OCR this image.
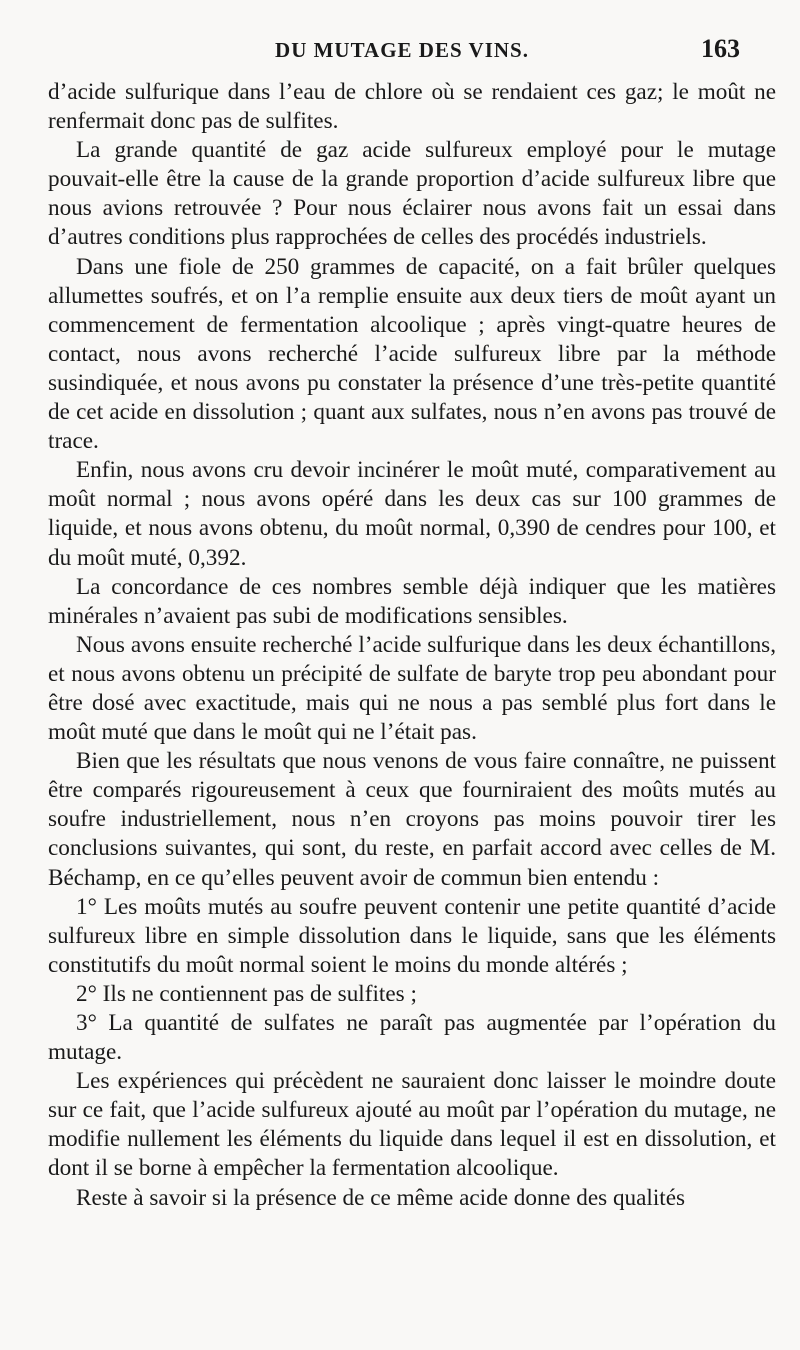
DU MUTAGE DES VINS.	163

d’acide sulfurique dans l’eau de chlore où se rendaient ces gaz; le moût ne renfermait donc pas de sulfites.

La grande quantité de gaz acide sulfureux employé pour le mutage pouvait-elle être la cause de la grande proportion d’acide sulfureux libre que nous avions retrouvée ? Pour nous éclairer nous avons fait un essai dans d’autres conditions plus rapprochées de celles des procédés industriels.

Dans une fiole de 250 grammes de capacité, on a fait brûler quelques allumettes soufrés, et on l’a remplie ensuite aux deux tiers de moût ayant un commencement de fermentation alcoolique ; après vingt-quatre heures de contact, nous avons recherché l’acide sulfureux libre par la méthode susindiquée, et nous avons pu constater la présence d’une très-petite quantité de cet acide en dissolution ; quant aux sulfates, nous n’en avons pas trouvé de trace.

Enfin, nous avons cru devoir incinérer le moût muté, comparativement au moût normal ; nous avons opéré dans les deux cas sur 100 grammes de liquide, et nous avons obtenu, du moût normal, 0,390 de cendres pour 100, et du moût muté, 0,392.

La concordance de ces nombres semble déjà indiquer que les matières minérales n’avaient pas subi de modifications sensibles.

Nous avons ensuite recherché l’acide sulfurique dans les deux échantillons, et nous avons obtenu un précipité de sulfate de baryte trop peu abondant pour être dosé avec exactitude, mais qui ne nous a pas semblé plus fort dans le moût muté que dans le moût qui ne l’était pas.

Bien que les résultats que nous venons de vous faire connaître, ne puissent être comparés rigoureusement à ceux que fourniraient des moûts mutés au soufre industriellement, nous n’en croyons pas moins pouvoir tirer les conclusions suivantes, qui sont, du reste, en parfait accord avec celles de M. Béchamp, en ce qu’elles peuvent avoir de commun bien entendu :

1° Les moûts mutés au soufre peuvent contenir une petite quantité d’acide sulfureux libre en simple dissolution dans le liquide, sans que les éléments constitutifs du moût normal soient le moins du monde altérés ;

2° Ils ne contiennent pas de sulfites ;

3° La quantité de sulfates ne paraît pas augmentée par l’opération du mutage.

Les expériences qui précèdent ne sauraient donc laisser le moindre doute sur ce fait, que l’acide sulfureux ajouté au moût par l’opération du mutage, ne modifie nullement les éléments du liquide dans lequel il est en dissolution, et dont il se borne à empêcher la fermentation alcoolique.

Reste à savoir si la présence de ce même acide donne des qualités
